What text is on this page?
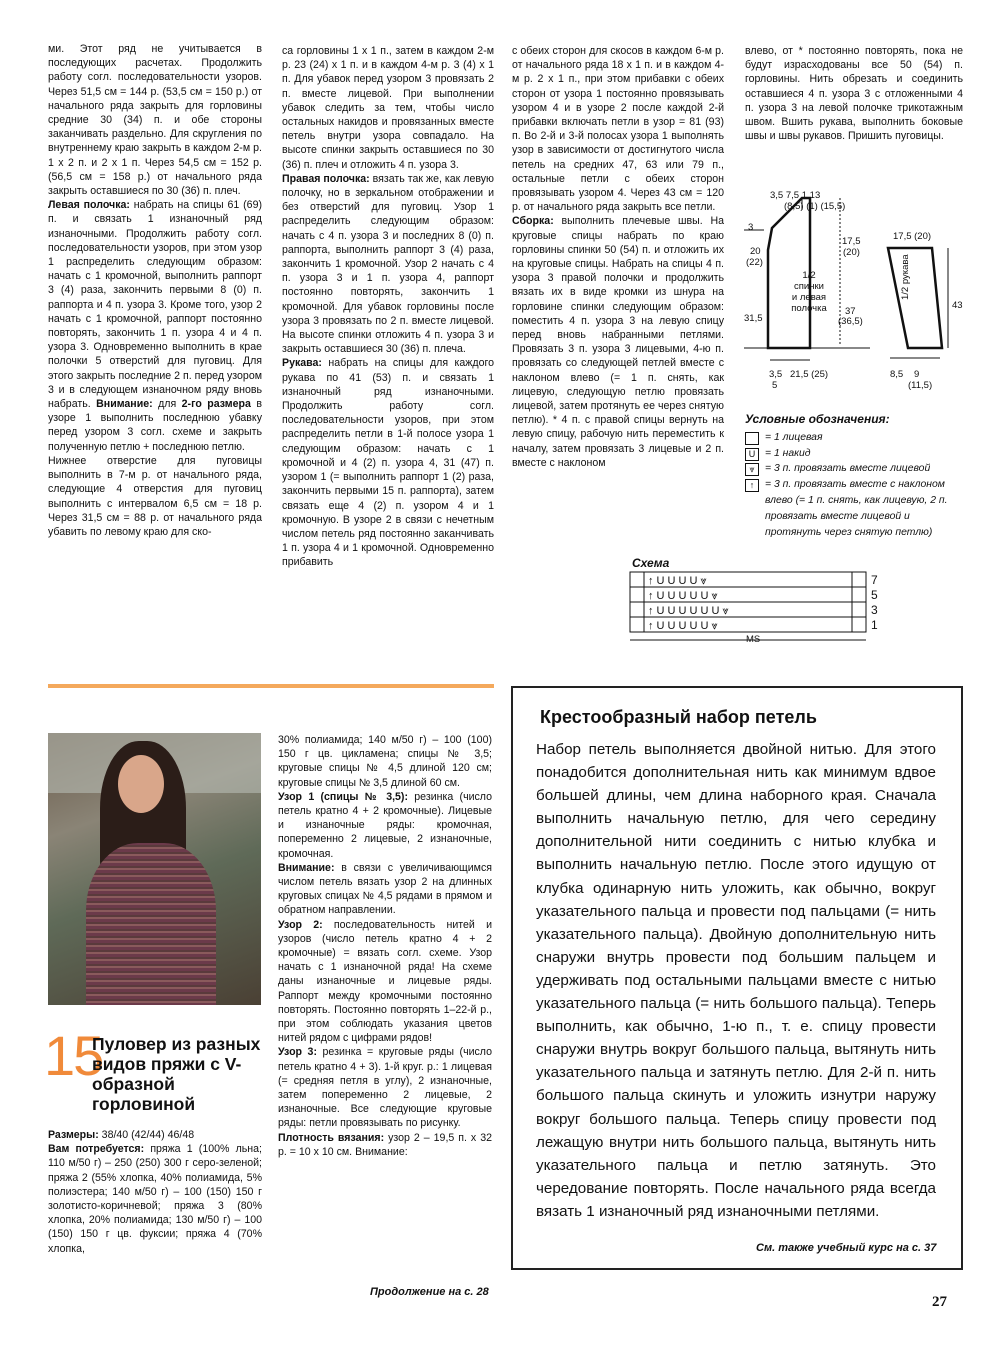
ми. Этот ряд не учитывается в последующих расчетах. Продолжить работу согл. последовательности узоров. Через 51,5 см = 144 р. (53,5 см = 150 р.) от начального ряда закрыть для горловины средние 30 (34) п. и обе стороны заканчивать раздельно. Для скругления по внутреннему краю закрыть в каждом 2-м р. 1 х 2 п. и 2 х 1 п. Через 54,5 см = 152 р. (56,5 см = 158 р.) от начального ряда закрыть оставшиеся по 30 (36) п. плеч.

Левая полочка: набрать на спицы 61 (69) п. и связать 1 изнаночный ряд изнаночными. Продолжить работу согл. последовательности узоров, при этом узор 1 распределить следующим образом: начать с 1 кромочной, выполнить раппорт 3 (4) раза, закончить первыми 8 (0) п. раппорта и 4 п. узора 3. Кроме того, узор 2 начать с 1 кромочной, раппорт постоянно повторять, закончить 1 п. узора 4 и 4 п. узора 3. Одновременно выполнить в крае полочки 5 отверстий для пуговиц. Для этого закрыть последние 2 п. перед узором 3 и в следующем изнаночном ряду вновь набрать. Внимание: для 2-го размера в узоре 1 выполнить последнюю убавку перед узором 3 согл. схеме и закрыть полученную петлю + последнюю петлю.

Нижнее отверстие для пуговицы выполнить в 7-м р. от начального ряда, следующие 4 отверстия для пуговиц выполнить с интервалом 6,5 см = 18 р. Через 31,5 см = 88 р. от начального ряда убавить по левому краю для ско-

са горловины 1 х 1 п., затем в каждом 2-м р. 23 (24) х 1 п. и в каждом 4-м р. 3 (4) х 1 п. Для убавок перед узором 3 провязать 2 п. вместе лицевой. При выполнении убавок следить за тем, чтобы число остальных накидов и провязанных вместе петель внутри узора совпадало. На высоте спинки закрыть оставшиеся по 30 (36) п. плеч и отложить 4 п. узора 3.

Правая полочка: вязать так же, как левую полочку, но в зеркальном отображении и без отверстий для пуговиц. Узор 1 распределить следующим образом: начать с 4 п. узора 3 и последних 8 (0) п. раппорта, выполнить раппорт 3 (4) раза, закончить 1 кромочной. Узор 2 начать с 4 п. узора 3 и 1 п. узора 4, раппорт постоянно повторять, закончить 1 кромочной. Для убавок горловины после узора 3 провязать по 2 п. вместе лицевой. На высоте спинки отложить 4 п. узора 3 и закрыть оставшиеся 30 (36) п. плеча.

Рукава: набрать на спицы для каждого рукава по 41 (53) п. и связать 1 изнаночный ряд изнаночными. Продолжить работу согл. последовательности узоров, при этом распределить петли в 1-й полосе узора 1 следующим образом: начать с 1 кромочной и 4 (2) п. узора 4, 31 (47) п. узором 1 (= выполнить раппорт 1 (2) раза, закончить первыми 15 п. раппорта), затем связать еще 4 (2) п. узором 4 и 1 кромочную. В узоре 2 в связи с нечетным числом петель ряд постоянно заканчивать 1 п. узора 4 и 1 кромочной. Одновременно прибавить

с обеих сторон для скосов в каждом 6-м р. от начального ряда 18 х 1 п. и в каждом 4-м р. 2 х 1 п., при этом прибавки с обеих сторон от узора 1 постоянно провязывать узором 4 и в узоре 2 после каждой 2-й прибавки включать петли в узор = 81 (93) п. Во 2-й и 3-й полосах узора 1 выполнять узор в зависимости от достигнутого числа петель на средних 47, 63 или 79 п., остальные петли с обеих сторон провязывать узором 4. Через 43 см = 120 р. от начального ряда закрыть все петли.

Сборка: выполнить плечевые швы. На круговые спицы набрать по краю горловины спинки 50 (54) п. и отложить их на круговые спицы. Набрать на спицы 4 п. узора 3 правой полочки и продолжить вязать их в виде кромки из шнура на горловине спинки следующим образом: поместить 4 п. узора 3 на левую спицу перед вновь набранными петлями. Провязать 3 п. узора 3 лицевыми, 4-ю п. провязать со следующей петлей вместе с наклоном влево (= 1 п. снять, как лицевую, следующую петлю провязать лицевой, затем протянуть ее через снятую петлю). * 4 п. с правой спицы вернуть на левую спицу, рабочую нить переместить к началу, затем провязать 3 лицевые и 2 п. вместе с наклоном

влево, от * постоянно повторять, пока не будут израсходованы все 50 (54) п. горловины. Нить обрезать и соединить оставшиеся 4 п. узора 3 с отложенными 4 п. узора 3 на левой полочке трикотажным швом. Вшить рукава, выполнить боковые швы и швы рукавов. Пришить пуговицы.

3,5 7,5 1 13
(8,5) (1) (15,5)
3
20
(22)
31,5
1/2
спинки
и левая
полочка
17,5
(20)
37
(36,5)
3,5
5
21,5 (25)
17,5 (20)
1/2 рукава
43
8,5 9
(11,5)
Условные обозначения:
= 1 лицевая
U = 1 накид
⩔	= 3 п. провязать вместе лицевой
↑	= 3 п. провязать вместе с наклоном влево (= 1 п. снять, как лицевую, 2 п. провязать вместе лицевой и протянуть через снятую петлю)
Схема
↑ U U U U ⩔
↑ U U U U U ⩔
↑ U U U U U U ⩔
↑ U U U U U ⩔
7
5
3
1
MS
15
Пуловер из разных видов пряжи с V-образной горловиной

Размеры: 38/40 (42/44) 46/48

Вам потребуется: пряжа 1 (100% льна; 110 м/50 г) – 250 (250) 300 г серо-зеленой; пряжа 2 (55% хлопка, 40% полиамида, 5% полиэстера; 140 м/50 г) – 100 (150) 150 г золотисто-коричневой; пряжа 3 (80% хлопка, 20% полиамида; 130 м/50 г) – 100 (150) 150 г цв. фуксии; пряжа 4 (70% хлопка,

30% полиамида; 140 м/50 г) – 100 (100) 150 г цв. цикламена; спицы № 3,5; круговые спицы № 4,5 длиной 120 см; круговые спицы № 3,5 длиной 60 см.

Узор 1 (спицы № 3,5): резинка (число петель кратно 4 + 2 кромочные). Лицевые и изнаночные ряды: кромочная, попеременно 2 лицевые, 2 изнаночные, кромочная.

Внимание: в связи с увеличивающимся числом петель вязать узор 2 на длинных круговых спицах № 4,5 рядами в прямом и обратном направлении.

Узор 2: последовательность нитей и узоров (число петель кратно 4 + 2 кромочные) = вязать согл. схеме. Узор начать с 1 изнаночной ряда! На схеме даны изнаночные и лицевые ряды. Раппорт между кромочными постоянно повторять. Постоянно повторять 1–22-й р., при этом соблюдать указания цветов нитей рядом с цифрами рядов!

Узор 3: резинка = круговые ряды (число петель кратно 4 + 3). 1-й круг. р.: 1 лицевая (= средняя петля в углу), 2 изнаночные, затем попеременно 2 лицевые, 2 изнаночные. Все следующие круговые ряды: петли провязывать по рисунку.

Плотность вязания: узор 2 – 19,5 п. х 32 р. = 10 х 10 см. Внимание:

Продолжение на с. 28
Крестообразный набор петель

Набор петель выполняется двойной нитью. Для этого понадобится дополнительная нить как минимум вдвое большей длины, чем длина наборного края. Сначала выполнить начальную петлю, для чего середину дополнительной нити соединить с нитью клубка и выполнить начальную петлю. После этого идущую от клубка одинарную нить уложить, как обычно, вокруг указательного пальца и провести под пальцами (= нить указательного пальца). Двойную дополнительную нить снаружи внутрь провести под большим пальцем и удерживать под остальными пальцами вместе с нитью указательного пальца (= нить большого пальца). Теперь выполнить, как обычно, 1-ю п., т. е. спицу провести снаружи внутрь вокруг большого пальца, вытянуть нить указательного пальца и затянуть петлю. Для 2-й п. нить большого пальца скинуть и уложить изнутри наружу вокруг большого пальца. Теперь спицу провести под лежащую внутри нить большого пальца, вытянуть нить указательного пальца и петлю затянуть. Это чередование повторять. После начального ряда всегда вязать 1 изнаночный ряд изнаночными петлями.

См. также учебный курс на с. 37
27
